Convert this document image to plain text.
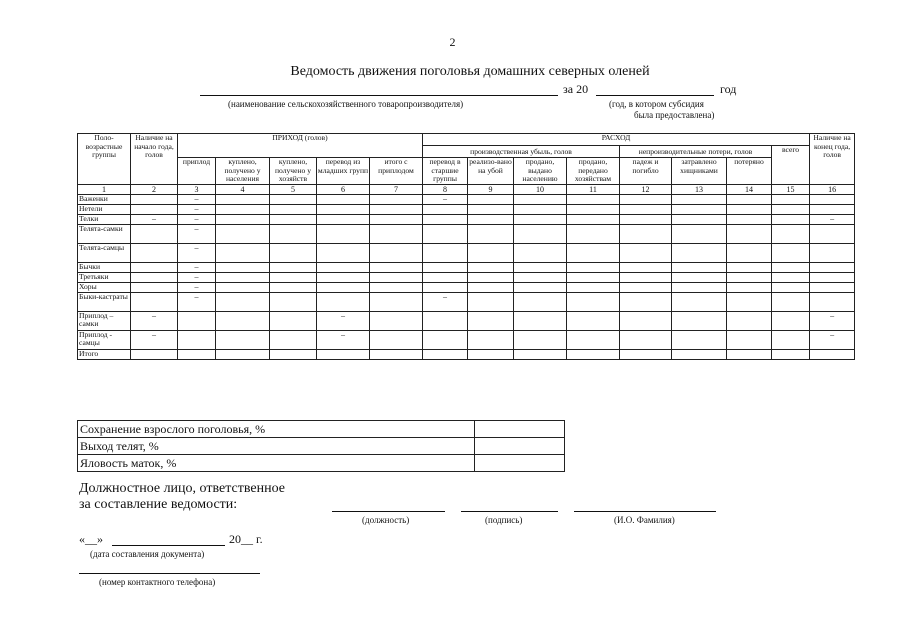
2
Ведомость движения поголовья домашних северных оленей
за 20	год
(наименование сельскохозяйственного товаропроизводителя)	(год, в котором субсидия
была предоставлена)
Поло-возрастные группы	Наличие на начало года, голов	ПРИХОД (голов)					РАСХОД								Наличие на конец года, голов
							производственная убыль, голов				непроизводительные потери, голов			всего	
		приплод	куплено, получено у населения	куплено, получено у хозяйств	перевод из младших групп	итого с приплодом	перевод в старшие группы	реализо-вано на убой	продано, выдано населению	продано, передано хозяйствам	падеж и погибло	затравлено хищниками	потеряно		
1	2	3	4	5	6	7	8	9	10	11	12	13	14	15	16
Важенки		–					–								

Нетели		–													

Телки	–	–													–

Телята-самки		–													

Телята-самцы		–													

Бычки		–													

Третьяки		–													

Хоры		–													

Быки-кастраты		–					–								

Приплод – самки	–				–										–

Приплод - самцы	–				–										–

Итого															
Сохранение взрослого поголовья, %	
Выход телят, %	
Яловость маток, %	
Должностное лицо, ответственное
за составление ведомости:
(должность)	(подпись)	(И.О. Фамилия)
«__»	20__ г.
(дата составления документа)
(номер контактного телефона)
